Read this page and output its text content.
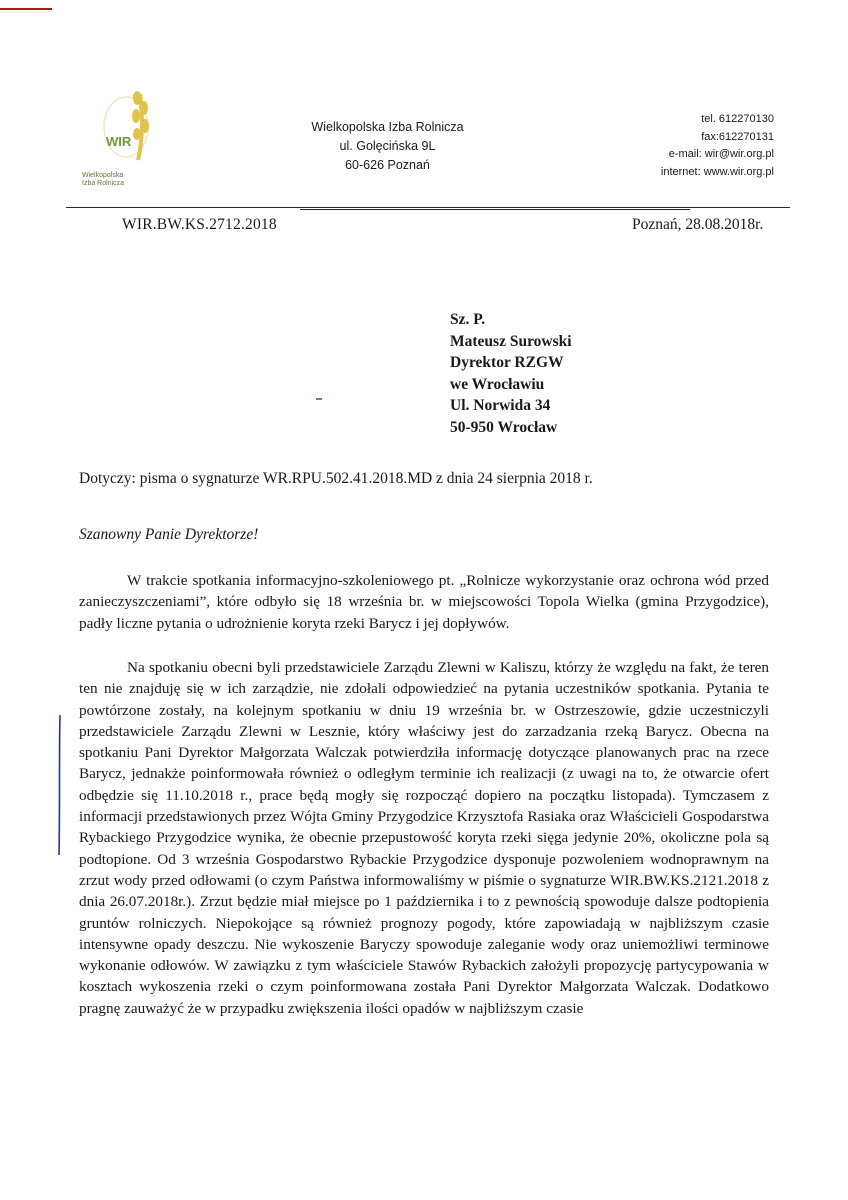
WIR
Wielkopolska
Izba Rolnicza
Wielkopolska Izba Rolnicza
ul. Golęcińska 9L
60-626 Poznań
tel. 612270130
fax:612270131
e-mail: wir@wir.org.pl
internet: www.wir.org.pl
WIR.BW.KS.2712.2018	Poznań, 28.08.2018r.
Sz. P.
Mateusz Surowski
Dyrektor RZGW
we Wrocławiu
Ul. Norwida 34
50-950 Wrocław
Dotyczy: pisma o sygnaturze WR.RPU.502.41.2018.MD z dnia 24 sierpnia 2018 r.
Szanowny Panie Dyrektorze!
W trakcie spotkania informacyjno-szkoleniowego pt. „Rolnicze wykorzystanie oraz ochrona wód przed zanieczyszczeniami”, które odbyło się 18 września br. w miejscowości Topola Wielka (gmina Przygodzice), padły liczne pytania o udrożnienie koryta rzeki Barycz i jej dopływów.
Na spotkaniu obecni byli przedstawiciele Zarządu Zlewni w Kaliszu, którzy że względu na fakt, że teren ten nie znajduję się w ich zarządzie, nie zdołali odpowiedzieć na pytania uczestników spotkania. Pytania te powtórzone zostały, na kolejnym spotkaniu w dniu 19 września br. w Ostrzeszowie, gdzie uczestniczyli przedstawiciele Zarządu Zlewni w Lesznie, który właściwy jest do zarzadzania rzeką Barycz. Obecna na spotkaniu Pani Dyrektor Małgorzata Walczak potwierdziła informację dotyczące planowanych prac na rzece Barycz, jednakże poinformowała również o odległym terminie ich realizacji (z uwagi na to, że otwarcie ofert odbędzie się 11.10.2018 r., prace będą mogły się rozpocząć dopiero na początku listopada). Tymczasem z informacji przedstawionych przez Wójta Gminy Przygodzice Krzysztofa Rasiaka oraz Właścicieli Gospodarstwa Rybackiego Przygodzice wynika, że obecnie przepustowość koryta rzeki sięga jedynie 20%, okoliczne pola są podtopione. Od 3 września Gospodarstwo Rybackie Przygodzice dysponuje pozwoleniem wodnoprawnym na zrzut wody przed odłowami (o czym Państwa informowaliśmy w piśmie o sygnaturze WIR.BW.KS.2121.2018 z dnia 26.07.2018r.). Zrzut będzie miał miejsce po 1 października i to z pewnością spowoduje dalsze podtopienia gruntów rolniczych. Niepokojące są również prognozy pogody, które zapowiadają w najbliższym czasie intensywne opady deszczu. Nie wykoszenie Baryczy spowoduje zaleganie wody oraz uniemożliwi terminowe wykonanie odłowów. W zawiązku z tym właściciele Stawów Rybackich założyli propozycję partycypowania w kosztach wykoszenia rzeki o czym poinformowana została Pani Dyrektor Małgorzata Walczak. Dodatkowo pragnę zauważyć że w przypadku zwiększenia ilości opadów w najbliższym czasie
